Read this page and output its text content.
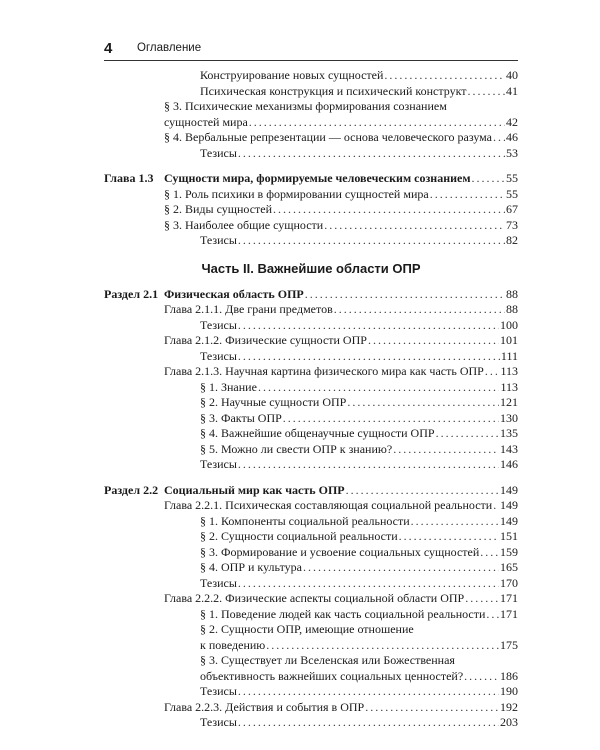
4 Оглавление
Конструирование новых сущностей . . .	40
Психическая конструкция и психический конструкт . . .	41
§ 3. Психические механизмы формирования сознанием
сущностей мира . . .	42
§ 4. Вербальные репрезентации — основа человеческого разума . . . 46
Тезисы . . .	53
Глава 1.3 Сущности мира, формируемые человеческим сознанием . . .	55
§ 1. Роль психики в формировании сущностей мира . . .	55
§ 2. Виды сущностей . . .	67
§ 3. Наиболее общие сущности . . .	73
Тезисы . . .	82
Часть II. Важнейшие области ОПР
Раздел 2.1 Физическая область ОПР . . .	88
Глава 2.1.1. Две грани предметов . . .	88
Тезисы . . .	100
Глава 2.1.2. Физические сущности ОПР . . .	101
Тезисы . . .	111
Глава 2.1.3. Научная картина физического мира как часть ОПР . . . 113
§ 1. Знание . . .	113
§ 2. Научные сущности ОПР . . .	121
§ 3. Факты ОПР . . .	130
§ 4. Важнейшие общенаучные сущности ОПР . . .	135
§ 5. Можно ли свести ОПР к знанию? . . .	143
Тезисы . . .	146
Раздел 2.2 Социальный мир как часть ОПР . . .	149
Глава 2.2.1. Психическая составляющая социальной реальности . . . 149
§ 1. Компоненты социальной реальности . . .	149
§ 2. Сущности социальной реальности . . .	151
§ 3. Формирование и усвоение социальных сущностей . . . 159
§ 4. ОПР и культура . . .	165
Тезисы . . .	170
Глава 2.2.2. Физические аспекты социальной области ОПР . . .	171
§ 1. Поведение людей как часть социальной реальности . . . 171
§ 2. Сущности ОПР, имеющие отношение
к поведению . . .	175
§ 3. Существует ли Вселенская или Божественная
объективность важнейших социальных ценностей? . . .	186
Тезисы . . .	190
Глава 2.2.3. Действия и события в ОПР . . .	192
Тезисы . . .	203
